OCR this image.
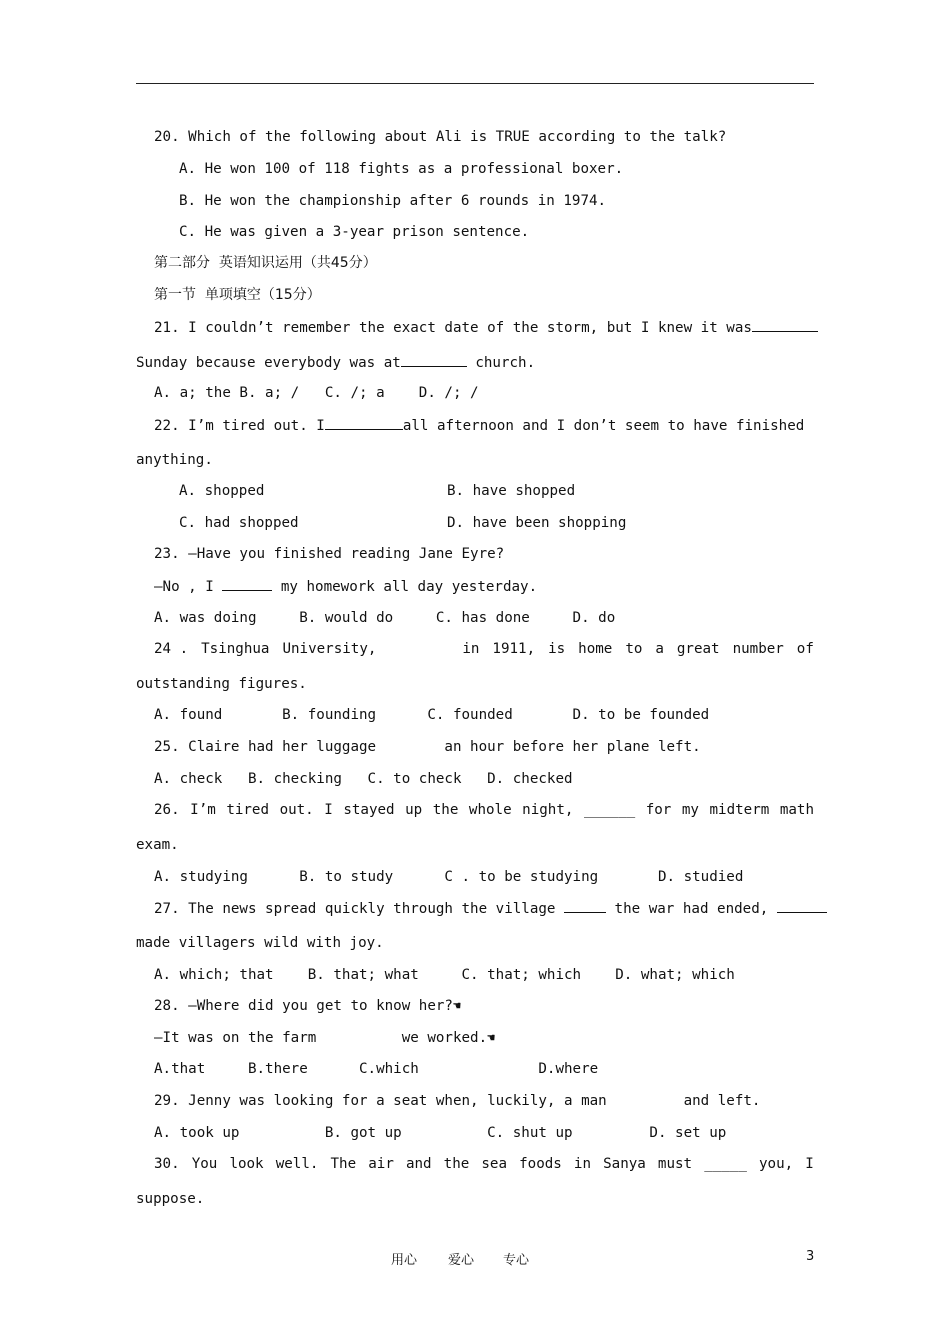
20. Which of the following about Ali is TRUE according to the talk?
A. He won 100 of 118 fights as a professional boxer.
B. He won the championship after 6 rounds in 1974.
C. He was given a 3-year prison sentence.
第二部分  英语知识运用（共45分）
第一节  单项填空（15分）
21. I couldn’t remember the exact date of the storm, but I knew it was
Sunday because everybody was at	church.
A. a; the B. a; /   C. /; a    D. /; /
22. I’m tired out. I	all afternoon and I don’t seem to have finished
anything.
A. shopped	B. have shopped
C. had shopped	D. have been shopping
23. —Have you finished reading Jane Eyre?
—No , I	my homework all day yesterday.
A. was doing     B. would do     C. has done     D. do
24 . Tsinghua University,	in 1911, is home to a great number of
outstanding figures.
A. found       B. founding      C. founded       D. to be founded
25. Claire had her luggage        an hour before her plane left.
A. check   B. checking   C. to check   D. checked
26. I’m tired out. I stayed up the whole night, ______ for my midterm math
exam.
A. studying      B. to study      C . to be studying       D. studied
27. The news spread quickly through the village	the war had ended,
made villagers wild with joy.
A. which; that    B. that; what     C. that; which    D. what; which
28. —Where did you get to know her?☚
—It was on the farm          we worked.☚
A.that     B.there      C.which              D.where
29. Jenny was looking for a seat when, luckily, a man         and left.
A. took up          B. got up          C. shut up         D. set up
30. You look well. The air and the sea foods in Sanya must _____ you, I
suppose.
用心 爱心 专心	3
